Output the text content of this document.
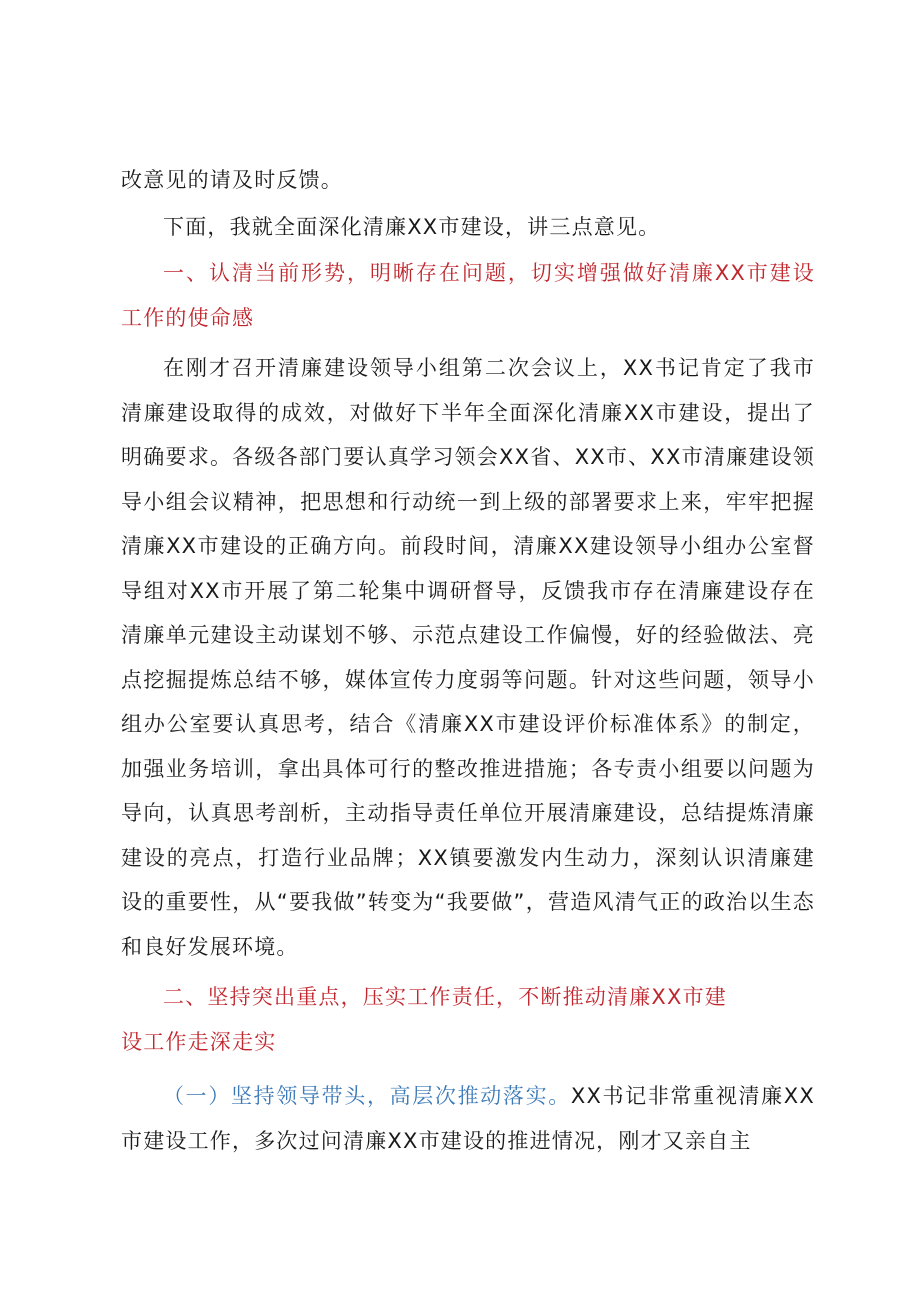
改意见的请及时反馈。

下面，我就全面深化清廉XX市建设，讲三点意见。

一、认清当前形势，明晰存在问题，切实增强做好清廉XX市建设工作的使命感

在刚才召开清廉建设领导小组第二次会议上，XX书记肯定了我市清廉建设取得的成效，对做好下半年全面深化清廉XX市建设，提出了明确要求。各级各部门要认真学习领会XX省、XX市、XX市清廉建设领导小组会议精神，把思想和行动统一到上级的部署要求上来，牢牢把握清廉XX市建设的正确方向。前段时间，清廉XX建设领导小组办公室督导组对XX市开展了第二轮集中调研督导，反馈我市存在清廉建设存在清廉单元建设主动谋划不够、示范点建设工作偏慢，好的经验做法、亮点挖掘提炼总结不够，媒体宣传力度弱等问题。针对这些问题，领导小组办公室要认真思考，结合《清廉XX市建设评价标准体系》的制定，加强业务培训，拿出具体可行的整改推进措施；各专责小组要以问题为导向，认真思考剖析，主动指导责任单位开展清廉建设，总结提炼清廉建设的亮点，打造行业品牌；XX镇要激发内生动力，深刻认识清廉建设的重要性，从“要我做”转变为“我要做”，营造风清气正的政治以生态和良好发展环境。

二、坚持突出重点，压实工作责任，不断推动清廉XX市建
设工作走深走实

（一）坚持领导带头，高层次推动落实。XX书记非常重视清廉XX市建设工作，多次过问清廉XX市建设的推进情况，刚才又亲自主
